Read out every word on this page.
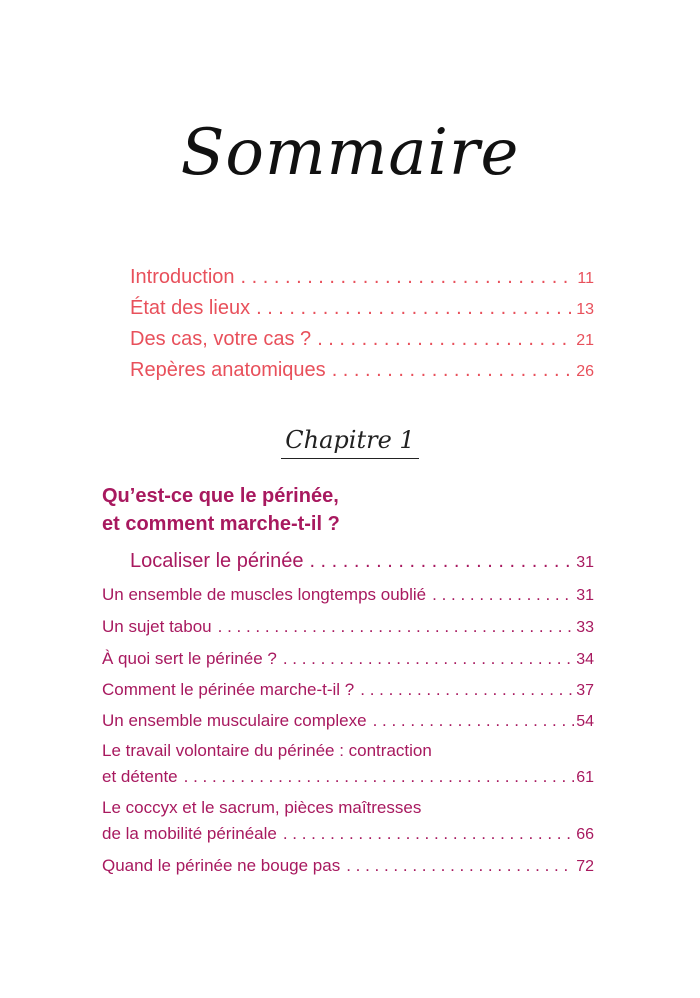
Sommaire
Introduction . . .	11
État des lieux . . .	13
Des cas, votre cas ? . . .	21
Repères anatomiques . . .	26
Chapitre 1
Qu’est-ce que le périnée,
et comment marche-t-il ?
Localiser le périnée . . .	31
Un ensemble de muscles longtemps oublié . . .	31
Un sujet tabou . . .	33
À quoi sert le périnée ? . . .	34
Comment le périnée marche-t-il ? . . .	37
Un ensemble musculaire complexe . . .	54
Le travail volontaire du périnée : contraction
et détente . . .	61
Le coccyx et le sacrum, pièces maîtresses
de la mobilité périnéale . . .	66
Quand le périnée ne bouge pas . . .	72
